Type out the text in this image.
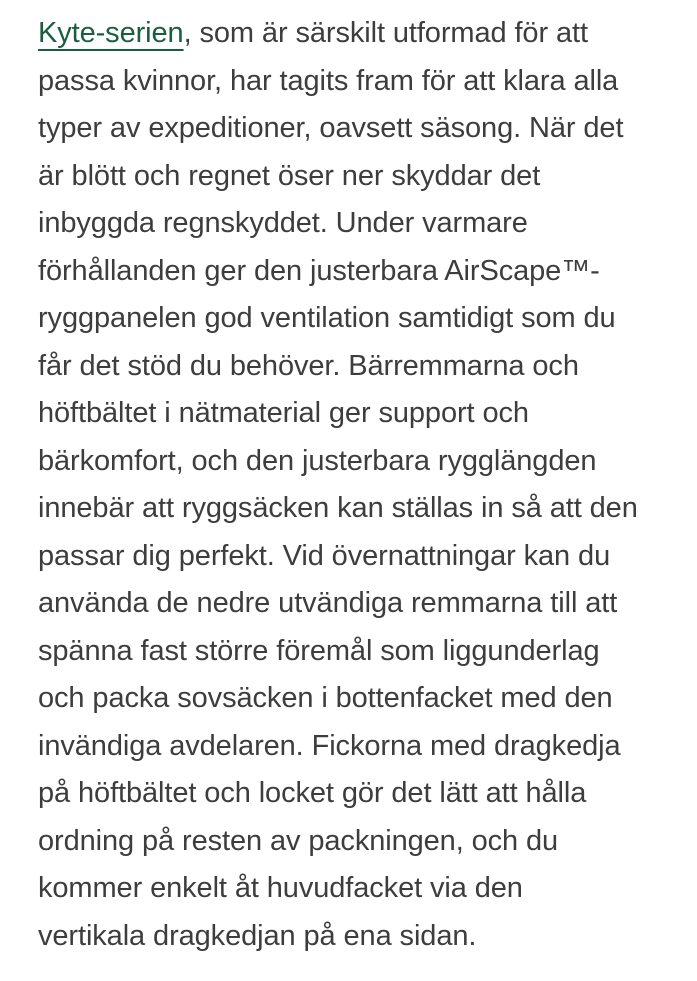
Kyte-serien, som är särskilt utformad för att
passa kvinnor, har tagits fram för att klara alla
typer av expeditioner, oavsett säsong. När det
är blött och regnet öser ner skyddar det
inbyggda regnskyddet. Under varmare
förhållanden ger den justerbara AirScape™-
ryggpanelen god ventilation samtidigt som du
får det stöd du behöver. Bärremmarna och
höftbältet i nätmaterial ger support och
bärkomfort, och den justerbara rygglängden
innebär att ryggsäcken kan ställas in så att den
passar dig perfekt. Vid övernattningar kan du
använda de nedre utvändiga remmarna till att
spänna fast större föremål som liggunderlag
och packa sovsäcken i bottenfacket med den
invändiga avdelaren. Fickorna med dragkedja
på höftbältet och locket gör det lätt att hålla
ordning på resten av packningen, och du
kommer enkelt åt huvudfacket via den
vertikala dragkedjan på ena sidan.
